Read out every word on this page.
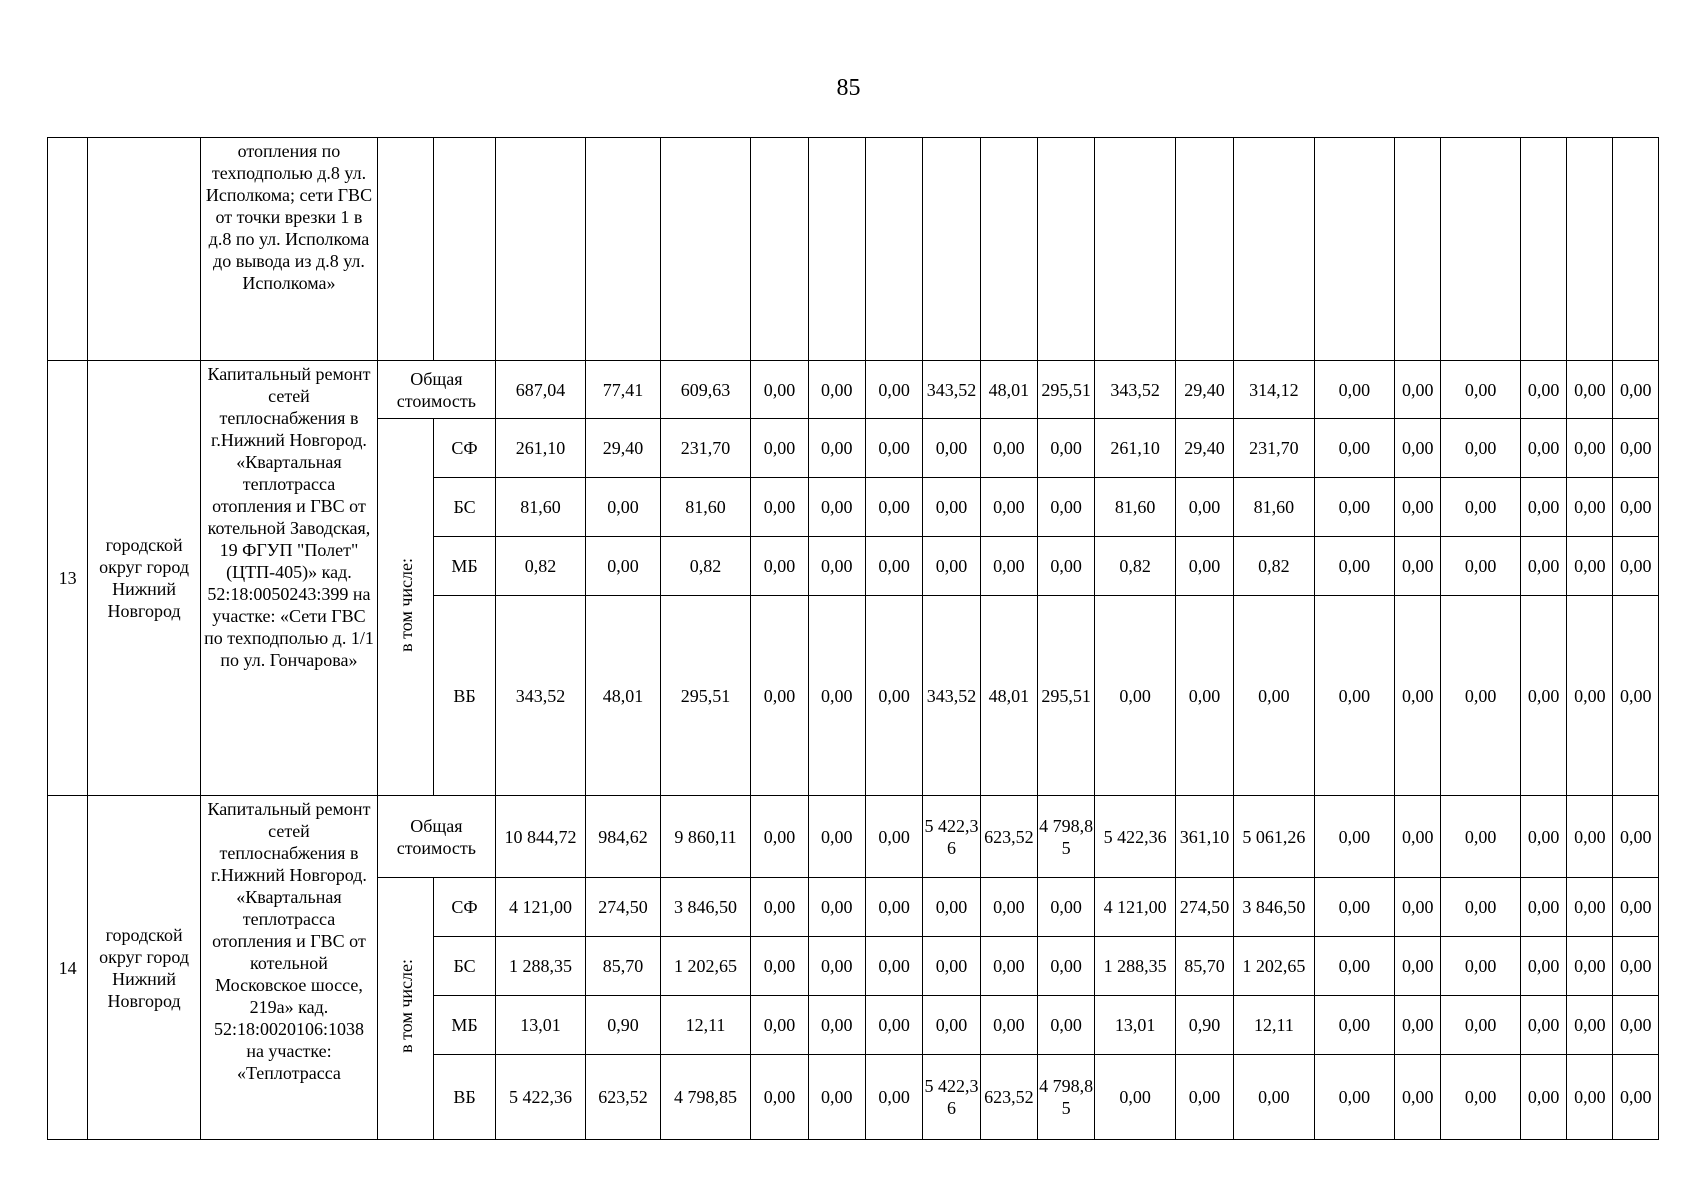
85
		отопления по техподполью д.8 ул. Исполкома; сети ГВС от точки врезки 1 в д.8 по ул. Исполкома до вывода из д.8 ул. Исполкома»																				
13	городской округ город Нижний Новгород	Капитальный ремонт сетей теплоснабжения в г.Нижний Новгород. «Квартальная теплотрасса отопления и ГВС от котельной Заводская, 19 ФГУП "Полет" (ЦТП-405)» кад. 52:18:0050243:399 на участке: «Сети ГВС по техподполью д. 1/1 по ул. Гончарова»	Общая стоимость		687,04	77,41	609,63	0,00	0,00	0,00	343,52	48,01	295,51	343,52	29,40	314,12	0,00	0,00	0,00	0,00	0,00	0,00
			в том числе:	СФ	261,10	29,40	231,70	0,00	0,00	0,00	0,00	0,00	0,00	261,10	29,40	231,70	0,00	0,00	0,00	0,00	0,00	0,00
				БС	81,60	0,00	81,60	0,00	0,00	0,00	0,00	0,00	0,00	81,60	0,00	81,60	0,00	0,00	0,00	0,00	0,00	0,00
				МБ	0,82	0,00	0,82	0,00	0,00	0,00	0,00	0,00	0,00	0,82	0,00	0,82	0,00	0,00	0,00	0,00	0,00	0,00
				ВБ	343,52	48,01	295,51	0,00	0,00	0,00	343,52	48,01	295,51	0,00	0,00	0,00	0,00	0,00	0,00	0,00	0,00	0,00
14	городской округ город Нижний Новгород	Капитальный ремонт сетей теплоснабжения в г.Нижний Новгород. «Квартальная теплотрасса отопления и ГВС от котельной Московское шоссе, 219а» кад. 52:18:0020106:1038 на участке: «Теплотрасса	Общая стоимость		10 844,72	984,62	9 860,11	0,00	0,00	0,00	5 422,36	623,52	4 798,85	5 422,36	361,10	5 061,26	0,00	0,00	0,00	0,00	0,00	0,00
			в том числе:	СФ	4 121,00	274,50	3 846,50	0,00	0,00	0,00	0,00	0,00	0,00	4 121,00	274,50	3 846,50	0,00	0,00	0,00	0,00	0,00	0,00
				БС	1 288,35	85,70	1 202,65	0,00	0,00	0,00	0,00	0,00	0,00	1 288,35	85,70	1 202,65	0,00	0,00	0,00	0,00	0,00	0,00
				МБ	13,01	0,90	12,11	0,00	0,00	0,00	0,00	0,00	0,00	13,01	0,90	12,11	0,00	0,00	0,00	0,00	0,00	0,00
				ВБ	5 422,36	623,52	4 798,85	0,00	0,00	0,00	5 422,36	623,52	4 798,85	0,00	0,00	0,00	0,00	0,00	0,00	0,00	0,00	0,00
